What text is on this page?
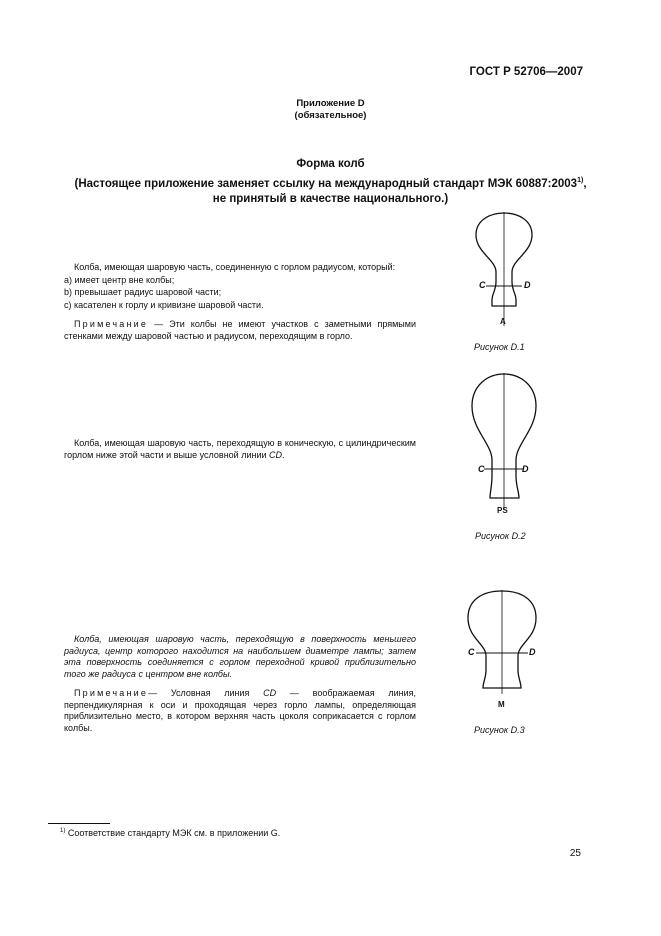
ГОСТ Р 52706—2007
Приложение D
(обязательное)
Форма колб
(Настоящее приложение заменяет ссылку на международный стандарт МЭК 60887:2003$^{1)}$,
не принятый в качестве национального.)
Колба, имеющая шаровую часть, соединенную с горлом радиусом, который:
а) имеет центр вне колбы;
b) превышает радиус шаровой части;
c) касателен к горлу и кривизне шаровой части.
Примечание — Эти колбы не имеют участков с заметными прямыми стенками между шаровой частью и радиусом, переходящим в горло.
Колба, имеющая шаровую часть, переходящую в коническую, с цилиндрическим горлом ниже этой части и выше условной линии CD.
Колба, имеющая шаровую часть, переходящую в поверхность меньшего радиуса, центр которого находится на наибольшем диаметре лампы; затем эта поверхность соединяется с горлом переходной кривой приблизительно того же радиуса с центром вне колбы.
Примечание— Условная линия CD — воображаемая линия, перпендикулярная к оси и проходящая через горло лампы, определяющая приблизительно место, в котором верхняя часть цоколя соприкасается с горлом колбы.
C	D
A
Рисунок D.1
C	D
PS
Рисунок D.2
C	D
M
Рисунок D.3
$^{1)}$ Соответствие стандарту МЭК см. в приложении G.
25
